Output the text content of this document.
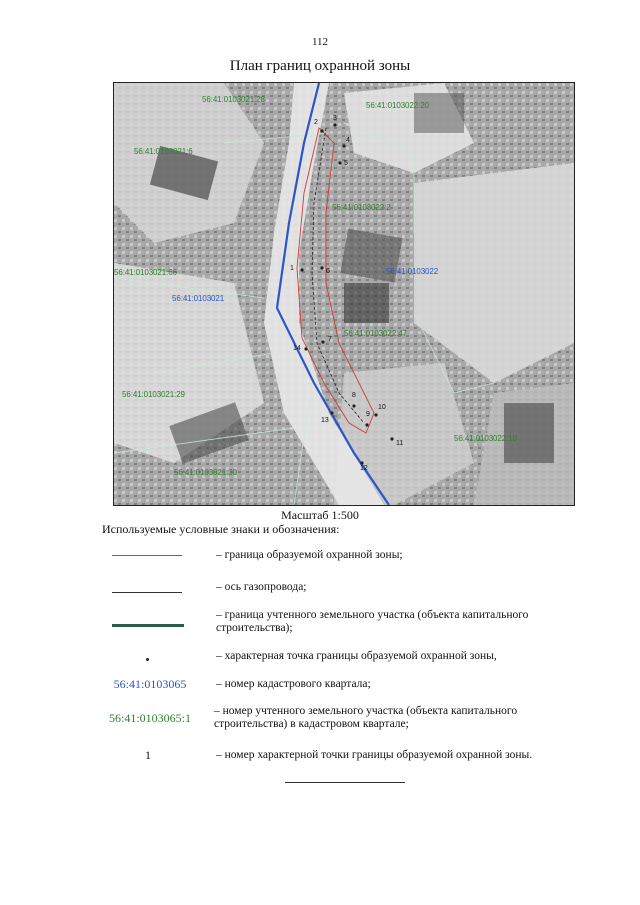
112
План границ охранной зоны
56:41:0103021:28
56:41:0103022:20
56:41:0103021:6
56:41:0103022:2
56:41:0103021:66	56:41:0103022
56:41:0103021
56:41:0103022:47
56:41:0103021:29
56:41:0103022:10
56:41:0103021:30
1
2
3
4
5
6
7
8
9
10
11
12
13
14
Масштаб 1:500
Используемые условные знаки и обозначения:
– граница образуемой охранной зоны;
– ось газопровода;
– граница учтенного земельного участка (объекта капитального строительства);
– характерная точка границы образуемой охранной зоны,
56:41:0103065	– номер кадастрового квартала;
56:41:0103065:1	– номер учтенного земельного участка (объекта капитального строительства) в кадастровом квартале;
1	– номер характерной точки границы образуемой охранной зоны.
